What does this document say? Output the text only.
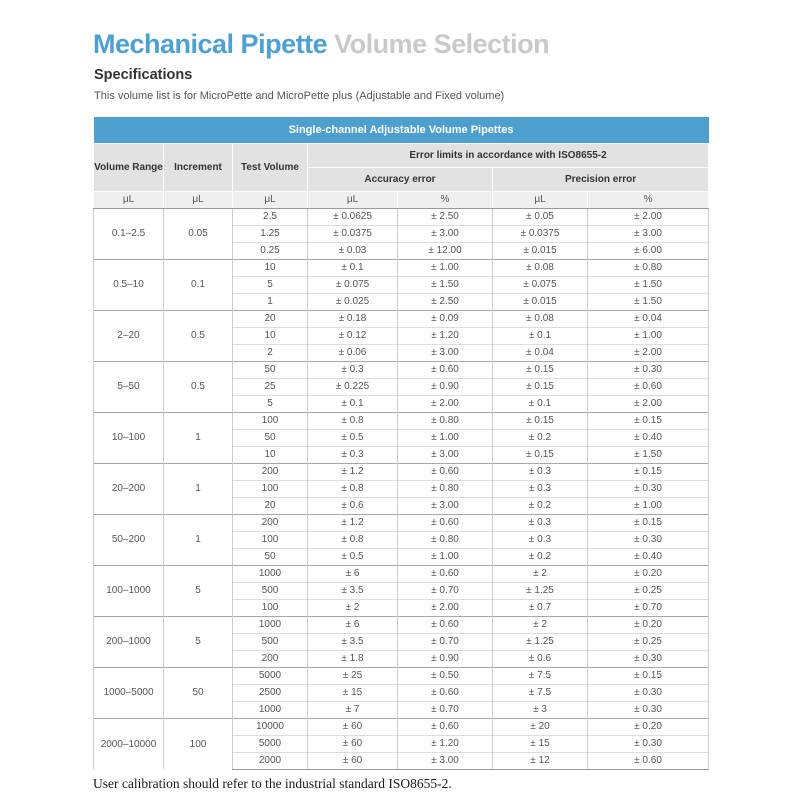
Mechanical Pipette Volume Selection
Specifications

This volume list is for MicroPette and MicroPette plus (Adjustable and Fixed volume)

Single-channel Adjustable Volume Pipettes						
Volume Range	Increment	Test Volume	Error limits in accordance with ISO8655-2			
			Accuracy error		Precision error	
μL	μL	μL	μL	%	μL	%
0.1–2.5	0.05	2.5	± 0.0625	± 2.50	± 0.05	± 2.00
		1.25	± 0.0375	± 3.00	± 0.0375	± 3.00
		0.25	± 0.03	± 12.00	± 0.015	± 6.00
0.5–10	0.1	10	± 0.1	± 1.00	± 0.08	± 0.80
		5	± 0.075	± 1.50	± 0.075	± 1.50
		1	± 0.025	± 2.50	± 0.015	± 1.50
2–20	0.5	20	± 0.18	± 0.09	± 0.08	± 0.04
		10	± 0.12	± 1.20	± 0.1	± 1.00
		2	± 0.06	± 3.00	± 0.04	± 2.00
5–50	0.5	50	± 0.3	± 0.60	± 0.15	± 0.30
		25	± 0.225	± 0.90	± 0.15	± 0.60
		5	± 0.1	± 2.00	± 0.1	± 2.00
10–100	1	100	± 0.8	± 0.80	± 0.15	± 0.15
		50	± 0.5	± 1.00	± 0.2	± 0.40
		10	± 0.3	± 3.00	± 0.15	± 1.50
20–200	1	200	± 1.2	± 0.60	± 0.3	± 0.15
		100	± 0.8	± 0.80	± 0.3	± 0.30
		20	± 0.6	± 3.00	± 0.2	± 1.00
50–200	1	200	± 1.2	± 0.60	± 0.3	± 0.15
		100	± 0.8	± 0.80	± 0.3	± 0.30
		50	± 0.5	± 1.00	± 0.2	± 0.40
100–1000	5	1000	± 6	± 0.60	± 2	± 0.20
		500	± 3.5	± 0.70	± 1.25	± 0.25
		100	± 2	± 2.00	± 0.7	± 0.70
200–1000	5	1000	± 6	± 0.60	± 2	± 0.20
		500	± 3.5	± 0.70	± 1.25	± 0.25
		200	± 1.8	± 0.90	± 0.6	± 0.30
1000–5000	50	5000	± 25	± 0.50	± 7.5	± 0.15
		2500	± 15	± 0.60	± 7.5	± 0.30
		1000	± 7	± 0.70	± 3	± 0.30
2000–10000	100	10000	± 60	± 0.60	± 20	± 0.20
		5000	± 60	± 1.20	± 15	± 0.30
		2000	± 60	± 3.00	± 12	± 0.60

User calibration should refer to the industrial standard ISO8655-2.
